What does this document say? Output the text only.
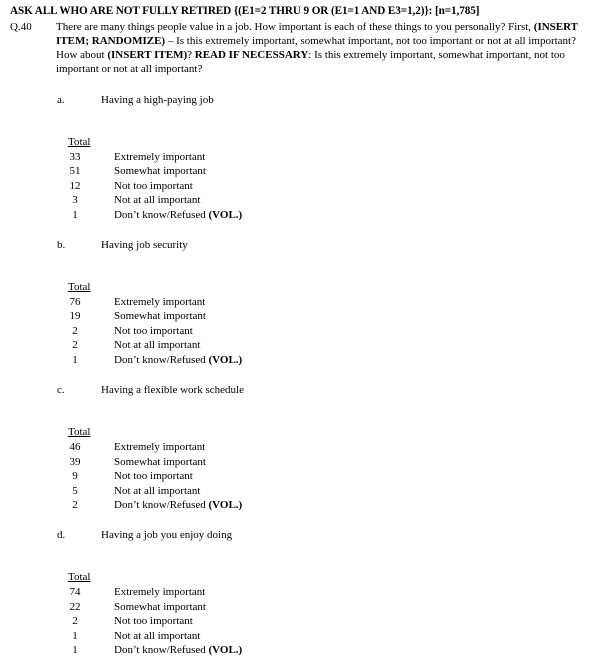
ASK ALL WHO ARE NOT FULLY RETIRED {(E1=2 THRU 9 OR (E1=1 AND E3=1,2)}: [n=1,785]
Q.40 There are many things people value in a job. How important is each of these things to you personally? First, (INSERT ITEM; RANDOMIZE) – Is this extremely important, somewhat important, not too important or not at all important? How about (INSERT ITEM)? READ IF NECESSARY: Is this extremely important, somewhat important, not too important or not at all important?
a.	Having a high-paying job
Total
33	Extremely important
51	Somewhat important
12	Not too important
3	Not at all important
1	Don’t know/Refused (VOL.)
b.	Having job security
Total
76	Extremely important
19	Somewhat important
2	Not too important
2	Not at all important
1	Don’t know/Refused (VOL.)
c.	Having a flexible work schedule
Total
46	Extremely important
39	Somewhat important
9	Not too important
5	Not at all important
2	Don’t know/Refused (VOL.)
d.	Having a job you enjoy doing
Total
74	Extremely important
22	Somewhat important
2	Not too important
1	Not at all important
1	Don’t know/Refused (VOL.)
